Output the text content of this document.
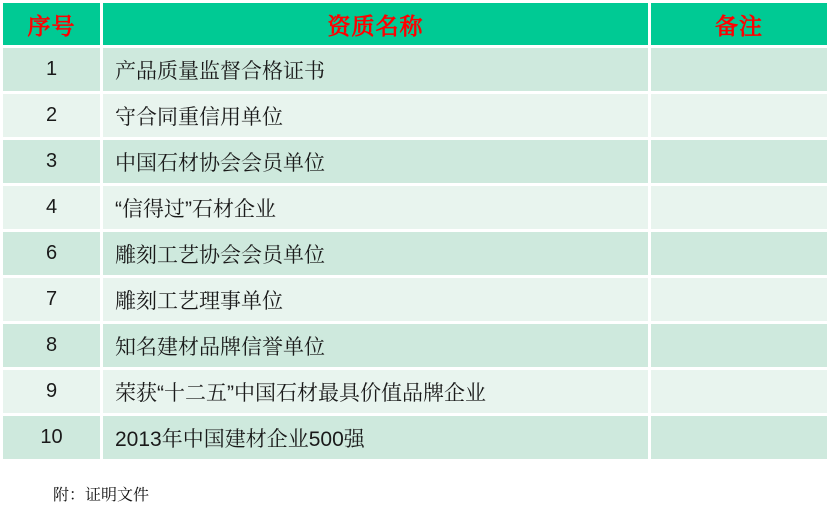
序号	资质名称	备注
1	产品质量监督合格证书	
2	守合同重信用单位	
3	中国石材协会会员单位	
4	“信得过”石材企业	
6	雕刻工艺协会会员单位	
7	雕刻工艺理事单位	
8	知名建材品牌信誉单位	
9	荣获“十二五”中国石材最具价值品牌企业	
10	2013年中国建材企业500强	
附：证明文件
